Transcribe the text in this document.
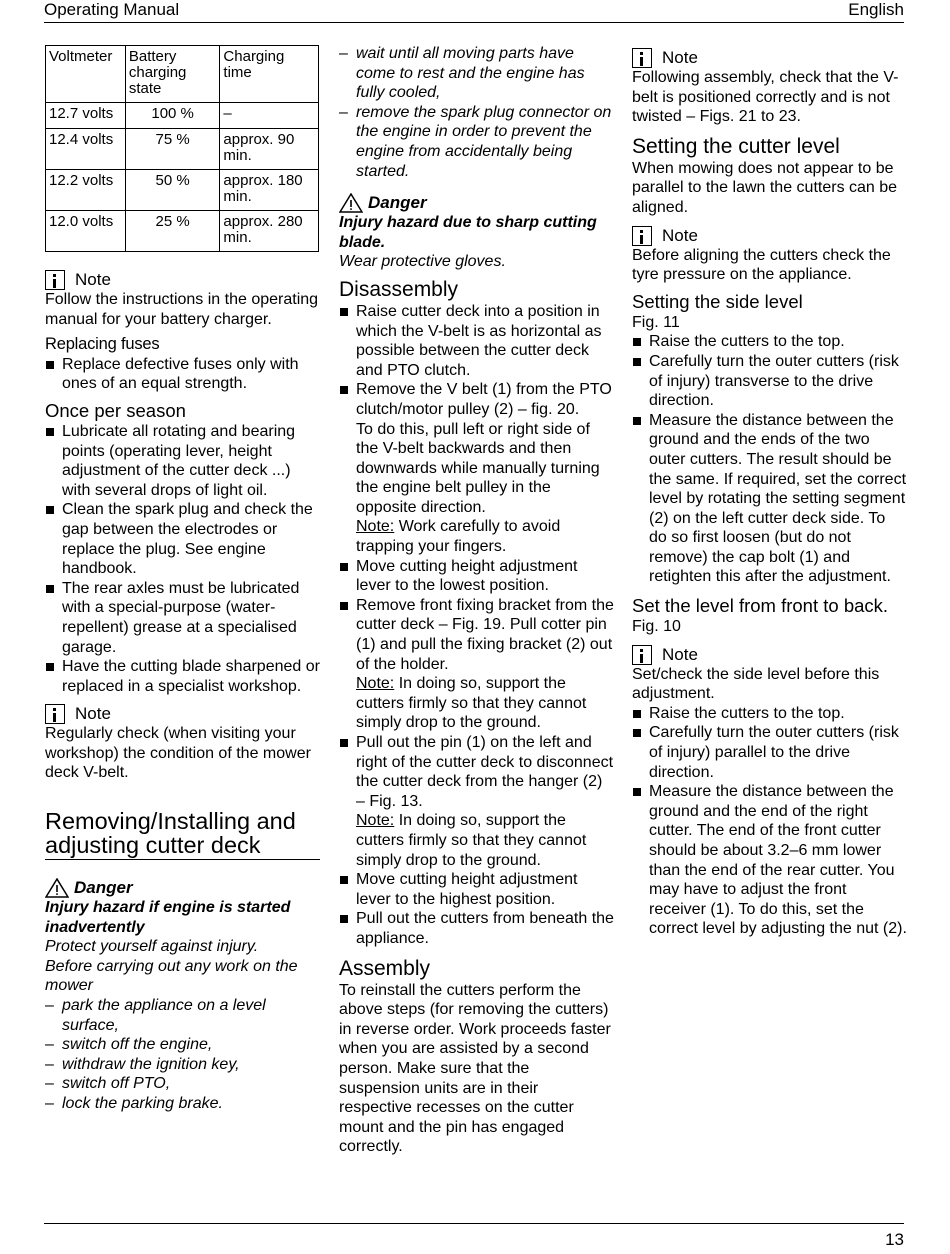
Operating Manual	English
Voltmeter	Battery charging state	Charging time
12.7 volts	100 %	–
12.4 volts	75 %	approx. 90 min.
12.2 volts	50 %	approx. 180 min.
12.0 volts	25 %	approx. 280 min.
Note

Follow the instructions in the operating manual for your battery charger.

Replacing fuses
Replace defective fuses only with ones of an equal strength.
Once per season
Lubricate all rotating and bearing points (operating lever, height adjustment of the cutter deck ...) with several drops of light oil.
Clean the spark plug and check the gap between the electrodes or replace the plug. See engine handbook.
The rear axles must be lubricated with a special-purpose (water-repellent) grease at a specialised garage.
Have the cutting blade sharpened or replaced in a specialist workshop.
Note

Regularly check (when visiting your workshop) the condition of the mower deck V-belt.

Removing/Installing and adjusting cutter deck
Danger

Injury hazard if engine is started inadvertently

Protect yourself against injury.

Before carrying out any work on the mower

– park the appliance on a level surface,
– switch off the engine,
– withdraw the ignition key,
– switch off PTO,
– lock the parking brake.
– wait until all moving parts have come to rest and the engine has fully cooled,
– remove the spark plug connector on the engine in order to prevent the engine from accidentally being started.
Danger

Injury hazard due to sharp cutting blade.

Wear protective gloves.

Disassembly
Raise cutter deck into a position in which the V-belt is as horizontal as possible between the cutter deck and PTO clutch.
Remove the V belt (1) from the PTO clutch/motor pulley (2) – fig. 20.
To do this, pull left or right side of the V-belt backwards and then downwards while manually turning the engine belt pulley in the opposite direction.
Note: Work carefully to avoid trapping your fingers.
Move cutting height adjustment lever to the lowest position.
Remove front fixing bracket from the cutter deck – Fig. 19. Pull cotter pin (1) and pull the fixing bracket (2) out of the holder.
Note: In doing so, support the cutters firmly so that they cannot simply drop to the ground.
Pull out the pin (1) on the left and right of the cutter deck to disconnect the cutter deck from the hanger (2) – Fig. 13.
Note: In doing so, support the cutters firmly so that they cannot simply drop to the ground.
Move cutting height adjustment lever to the highest position.
Pull out the cutters from beneath the appliance.
Assembly

To reinstall the cutters perform the above steps (for removing the cutters) in reverse order. Work proceeds faster when you are assisted by a second person. Make sure that the suspension units are in their respective recesses on the cutter mount and the pin has engaged correctly.

Note

Following assembly, check that the V-belt is positioned correctly and is not twisted – Figs. 21 to 23.

Setting the cutter level

When mowing does not appear to be parallel to the lawn the cutters can be aligned.

Note

Before aligning the cutters check the tyre pressure on the appliance.

Setting the side level

Fig. 11

Raise the cutters to the top.
Carefully turn the outer cutters (risk of injury) transverse to the drive direction.
Measure the distance between the ground and the ends of the two outer cutters. The result should be the same. If required, set the correct level by rotating the setting segment (2) on the left cutter deck side. To do so first loosen (but do not remove) the cap bolt (1) and retighten this after the adjustment.
Set the level from front to back.

Fig. 10

Note

Set/check the side level before this adjustment.

Raise the cutters to the top.
Carefully turn the outer cutters (risk of injury) parallel to the drive direction.
Measure the distance between the ground and the end of the right cutter. The end of the front cutter should be about 3.2–6 mm lower than the end of the rear cutter. You may have to adjust the front receiver (1). To do this, set the correct level by adjusting the nut (2).
13
